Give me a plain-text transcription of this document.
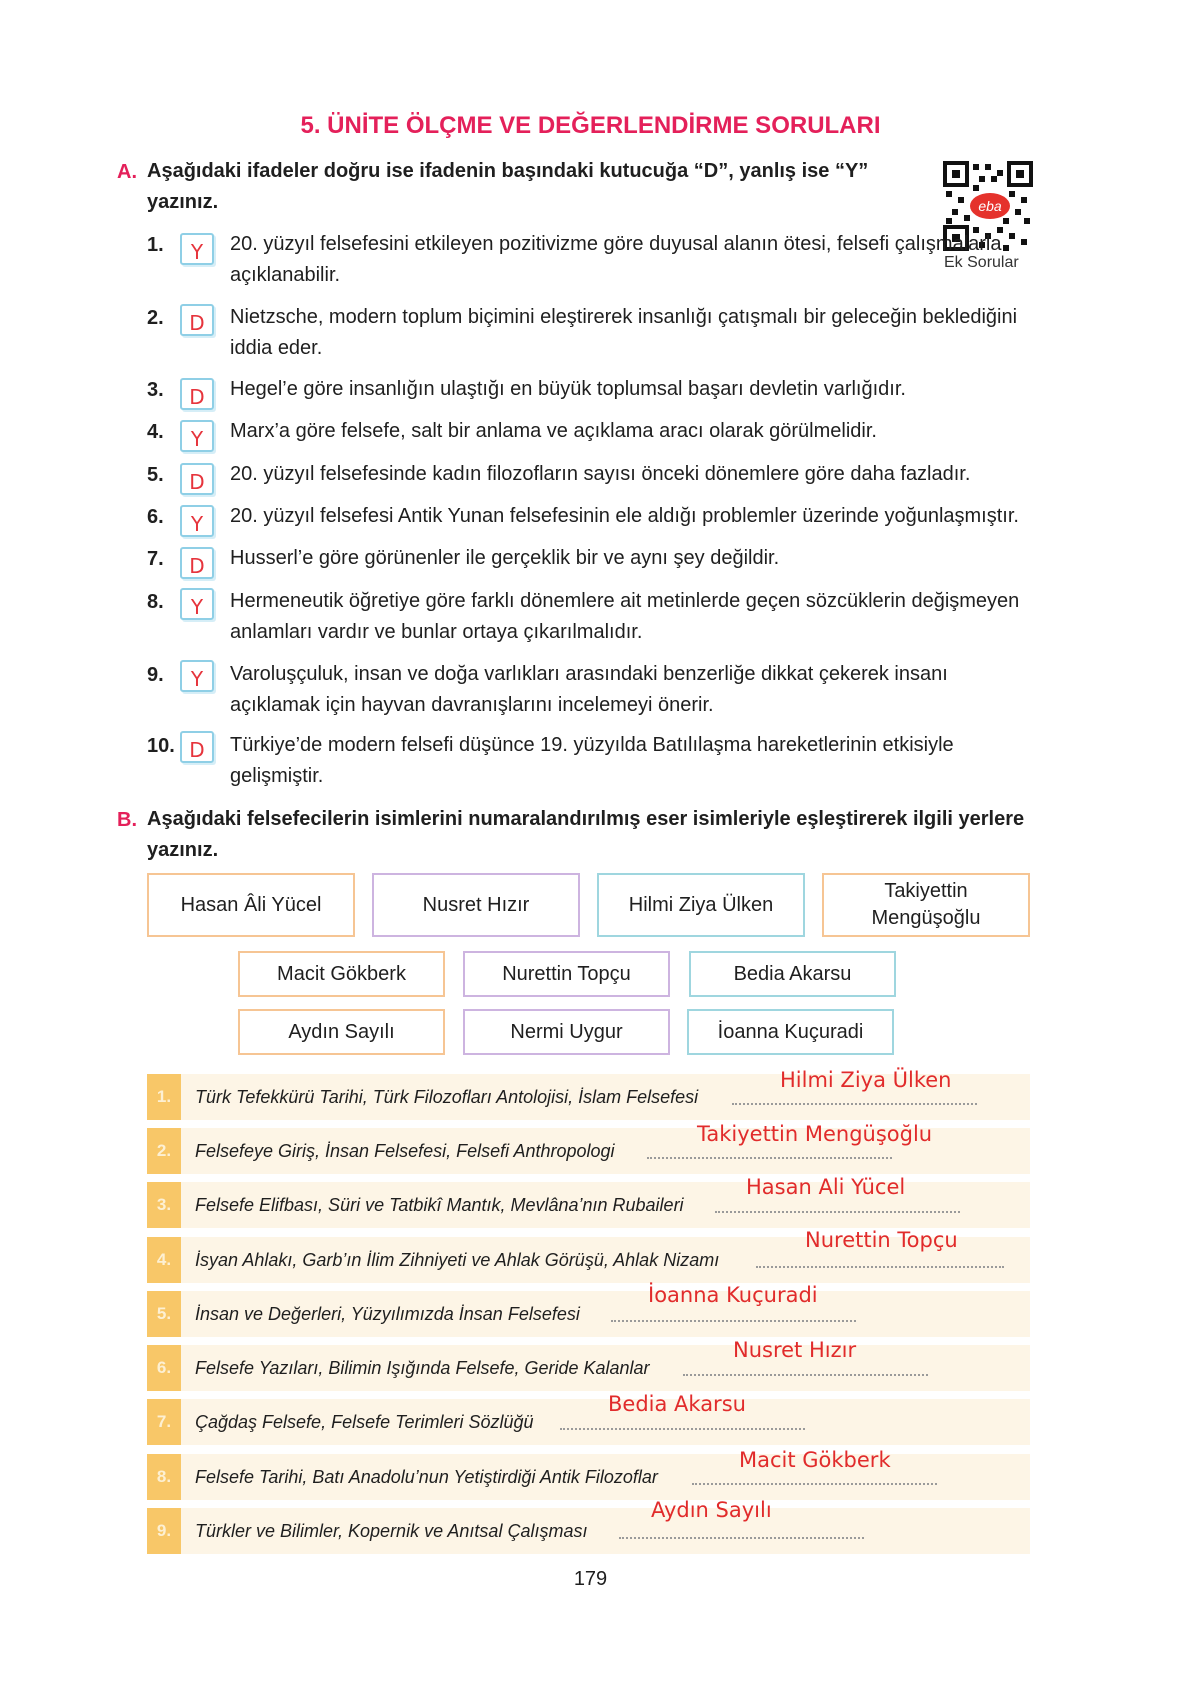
5. ÜNİTE ÖLÇME VE DEĞERLENDİRME SORULARI
A. Aşağıdaki ifadeler doğru ise ifadenin başındaki kutucuğa “D”, yanlış ise “Y” yazınız.	eba
Ek Sorular
1.	Y	20. yüzyıl felsefesini etkileyen pozitivizme göre duyusal alanın ötesi, felsefi çalışmalarla açıklanabilir.
2.	D	Nietzsche, modern toplum biçimini eleştirerek insanlığı çatışmalı bir geleceğin beklediğini iddia eder.
3.	D	Hegel’e göre insanlığın ulaştığı en büyük toplumsal başarı devletin varlığıdır.
4.	Y	Marx’a göre felsefe, salt bir anlama ve açıklama aracı olarak görülmelidir.
5.	D	20. yüzyıl felsefesinde kadın filozofların sayısı önceki dönemlere göre daha fazladır.
6.	Y	20. yüzyıl felsefesi Antik Yunan felsefesinin ele aldığı problemler üzerinde yoğunlaşmıştır.
7.	D	Husserl’e göre görünenler ile gerçeklik bir ve aynı şey değildir.
8.	Y	Hermeneutik öğretiye göre farklı dönemlere ait metinlerde geçen sözcüklerin değişmeyen anlamları vardır ve bunlar ortaya çıkarılmalıdır.
9.	Y	Varoluşçuluk, insan ve doğa varlıkları arasındaki benzerliğe dikkat çekerek insanı açıklamak için hayvan davranışlarını incelemeyi önerir.
10. D	Türkiye’de modern felsefi düşünce 19. yüzyılda Batılılaşma hareketlerinin etkisiyle gelişmiştir.
B. Aşağıdaki felsefecilerin isimlerini numaralandırılmış eser isimleriyle eşleştirerek ilgili yerlere yazınız.
Hasan Âli Yücel	Nusret Hızır	Hilmi Ziya Ülken
Takiyettin Mengüşoğlu
Macit Gökberk	Nurettin Topçu	Bedia Akarsu
Aydın Sayılı	Nermi Uygur	İoanna Kuçuradi
1.	Türk Tefekkürü Tarihi, Türk Filozofları Antolojisi, İslam Felsefesi
Hilmi Ziya Ülken
2.	Felsefeye Giriş, İnsan Felsefesi, Felsefi Anthropologi
Takiyettin Mengüşoğlu
3.	Felsefe Elifbası, Süri ve Tatbikî Mantık, Mevlâna’nın Rubaileri
Hasan Ali Yücel
4.	İsyan Ahlakı, Garb’ın İlim Zihniyeti ve Ahlak Görüşü, Ahlak Nizamı
Nurettin Topçu
5.	İnsan ve Değerleri, Yüzyılımızda İnsan Felsefesi
İoanna Kuçuradi
6.	Felsefe Yazıları, Bilimin Işığında Felsefe, Geride Kalanlar
Nusret Hızır
7.	Çağdaş Felsefe, Felsefe Terimleri Sözlüğü
Bedia Akarsu
8.	Felsefe Tarihi, Batı Anadolu’nun Yetiştirdiği Antik Filozoflar
Macit Gökberk
9.	Türkler ve Bilimler, Kopernik ve Anıtsal Çalışması
Aydın Sayılı
179
